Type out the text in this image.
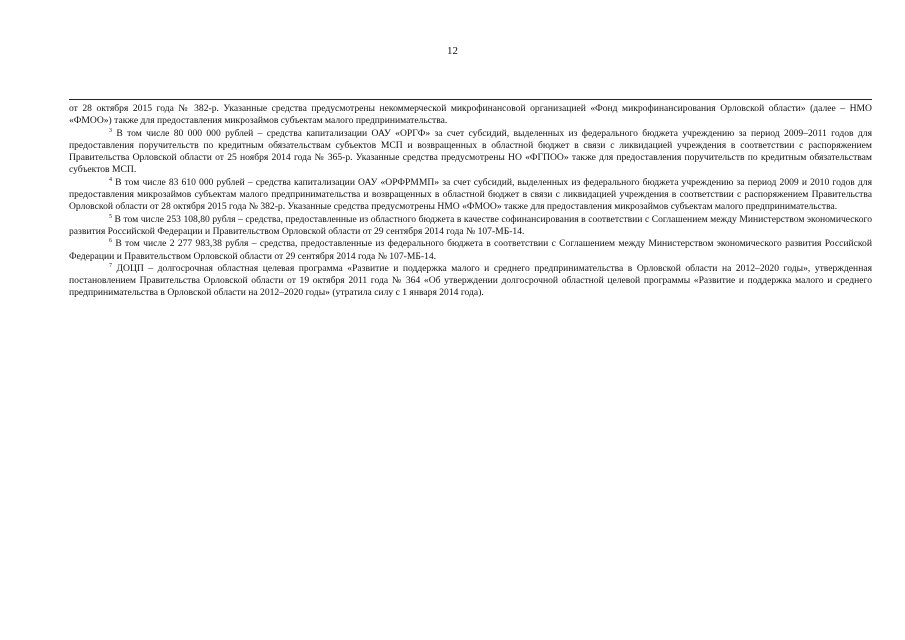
12

от 28 октября 2015 года № 382-р. Указанные средства предусмотрены некоммерческой микрофинансовой организацией «Фонд микрофинансирования Орловской области» (далее – НМО «ФМОО») также для предоставления микрозаймов субъектам малого предпринимательства.

$^3$ В том числе 80 000 000 рублей – средства капитализации ОАУ «ОРГФ» за счет субсидий, выделенных из федерального бюджета учреждению за период 2009–2011 годов для предоставления поручительств по кредитным обязательствам субъектов МСП и возвращенных в областной бюджет в связи с ликвидацией учреждения в соответствии с распоряжением Правительства Орловской области от 25 ноября 2014 года № 365-р. Указанные средства предусмотрены НО «ФГПОО» также для предоставления поручительств по кредитным обязательствам субъектов МСП.

$^4$ В том числе 83 610 000 рублей – средства капитализации ОАУ «ОРФРММП» за счет субсидий, выделенных из федерального бюджета учреждению за период 2009 и 2010 годов для предоставления микрозаймов субъектам малого предпринимательства и возвращенных в областной бюджет в связи с ликвидацией учреждения в соответствии с распоряжением Правительства Орловской области от 28 октября 2015 года № 382-р. Указанные средства предусмотрены НМО «ФМОО» также для предоставления микрозаймов субъектам малого предпринимательства.

$^5$ В том числе 253 108,80 рубля – средства, предоставленные из областного бюджета в качестве софинансирования в соответствии с Соглашением между Министерством экономического развития Российской Федерации и Правительством Орловской области от 29 сентября 2014 года № 107-МБ-14.

$^6$ В том числе 2 277 983,38 рубля – средства, предоставленные из федерального бюджета в соответствии с Соглашением между Министерством экономического развития Российской Федерации и Правительством Орловской области от 29 сентября 2014 года № 107-МБ-14.

$^7$ ДОЦП – долгосрочная областная целевая программа «Развитие и поддержка малого и среднего предпринимательства в Орловской области на 2012–2020 годы», утвержденная постановлением Правительства Орловской области от 19 октября 2011 года № 364 «Об утверждении долгосрочной областной целевой программы «Развитие и поддержка малого и среднего предпринимательства в Орловской области на 2012–2020 годы» (утратила силу с 1 января 2014 года).
